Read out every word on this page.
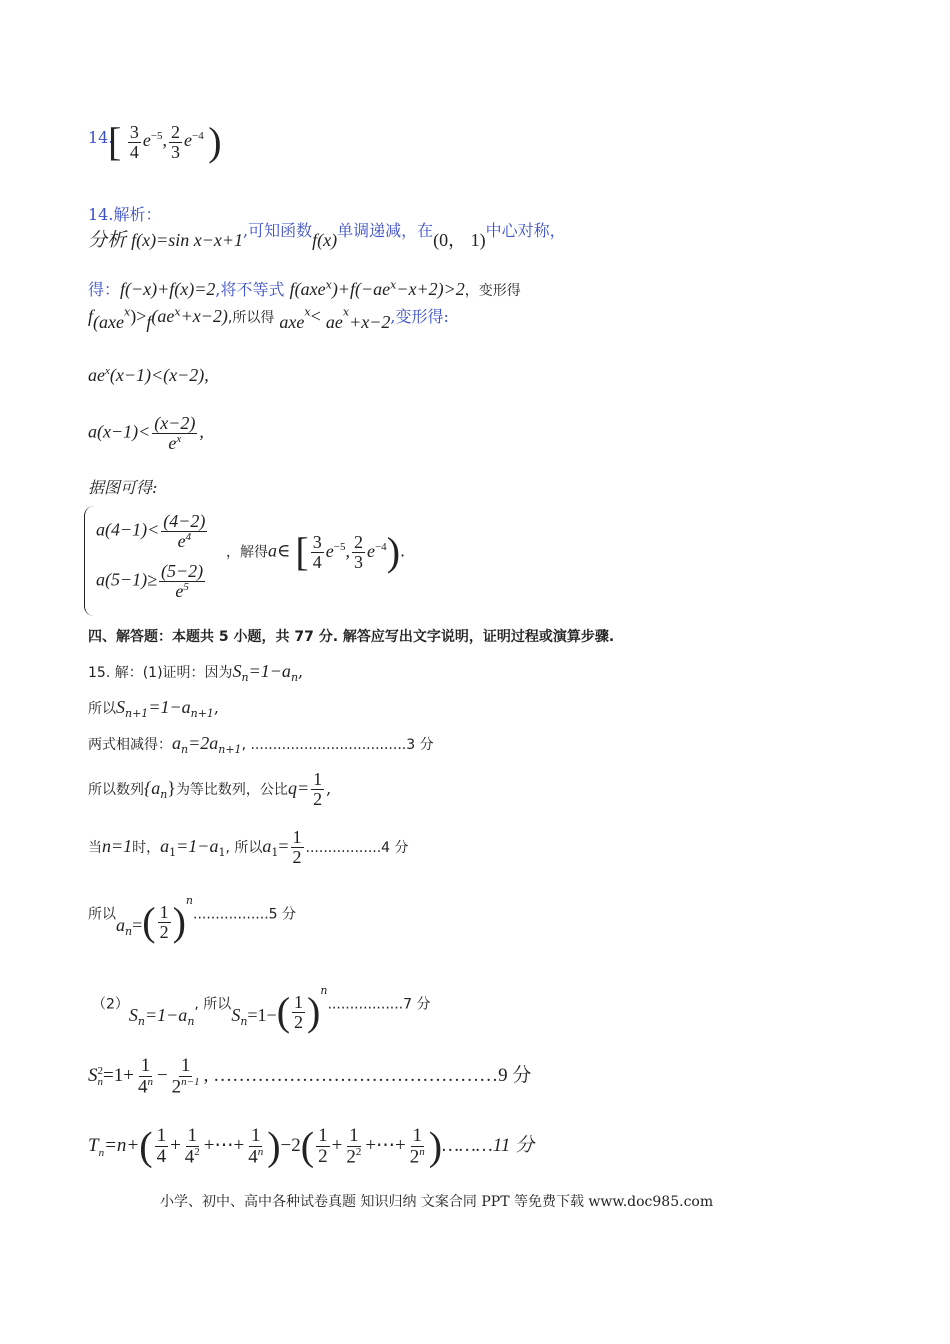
14.
[ $\frac{3}{4} e^{-5}$, $\frac{2}{3} e^{-4}$ )
14.解析：
分析 f(x)=sin x−x+1,可知函数f(x)单调递减，在(0， 1)中心对称，
得：f(−x)+f(x)=2,将不等式 $f(axe^x)+f(-ae^x-x+2)>2$，变形得
$f(axe^x)>f(ae^x+x-2)$,所以得 $axe^x< ae^x+x-2$,变形得:
$ae^x(x-1)<(x-2)$,
$a(x-1)< \frac{(x-2)}{e^x}$ ,
据图可得:
$a(4-1)< \frac{(4-2)}{e^4}$
$a(5-1)\ge \frac{(5-2)}{e^5}$
，解得a∈ [ $\frac{3}{4} e^{-5}$, $\frac{2}{3} e^{-4}$).
四、解答题：本题共 5 小题，共 77 分. 解答应写出文字说明，证明过程或演算步骤.
15. 解：(1)证明：因为$S_n=1-a_n$,
所以$S_{n+1}=1-a_{n+1}$,
两式相减得：$a_n=2a_{n+1}$, ...................................3 分
所以数列$\{a_n\}$为等比数列，公比$q= \frac{1}{2}$ ,
当n=1时，$a_1=1-a_1$, 所以$a_1= \frac{1}{2} .................4$ 分
所以$a_n=( \frac{1}{2} )^n.................5$ 分
$(2)S_n=1-a_n$, 所以$S_n=1-( \frac{1}{2} )^n.................7$ 分
S 2
$n =1+ \frac{1}{4^n} - \frac{1}{2^{n-1}}$ , ………………………………………9 分
$T_n=n+( \frac{1}{4} + \frac{1}{4^2}$ +⋯+ $\frac{1}{4^n} )-2( \frac{1}{2} + \frac{1}{2^2}$ +⋯+ $\frac{1}{2^n}$ )………11 分
小学、初中、高中各种试卷真题 知识归纳 文案合同 PPT 等免费下载 www.doc985.com
